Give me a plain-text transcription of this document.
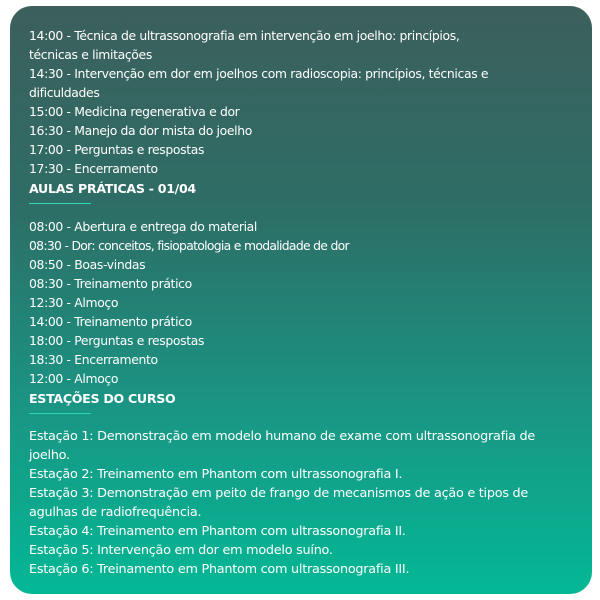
14:00 - Técnica de ultrassonografia em intervenção em joelho: princípios, técnicas e limitações
14:30 - Intervenção em dor em joelhos com radioscopia: princípios, técnicas e dificuldades
15:00 - Medicina regenerativa e dor
16:30 - Manejo da dor mista do joelho
17:00 - Perguntas e respostas
17:30 - Encerramento
AULAS PRÁTICAS - 01/04
08:00 - Abertura e entrega do material
08:30 - Dor: conceitos, fisiopatologia e modalidade de dor
08:50 - Boas-vindas
08:30 - Treinamento prático
12:30 - Almoço
14:00 - Treinamento prático
18:00 - Perguntas e respostas
18:30 - Encerramento
12:00 - Almoço
ESTAÇÕES DO CURSO
Estação 1: Demonstração em modelo humano de exame com ultrassonografia de joelho.
Estação 2: Treinamento em Phantom com ultrassonografia I.
Estação 3: Demonstração em peito de frango de mecanismos de ação e tipos de agulhas de radiofrequência.
Estação 4: Treinamento em Phantom com ultrassonografia II.
Estação 5: Intervenção em dor em modelo suíno.
Estação 6: Treinamento em Phantom com ultrassonografia III.
